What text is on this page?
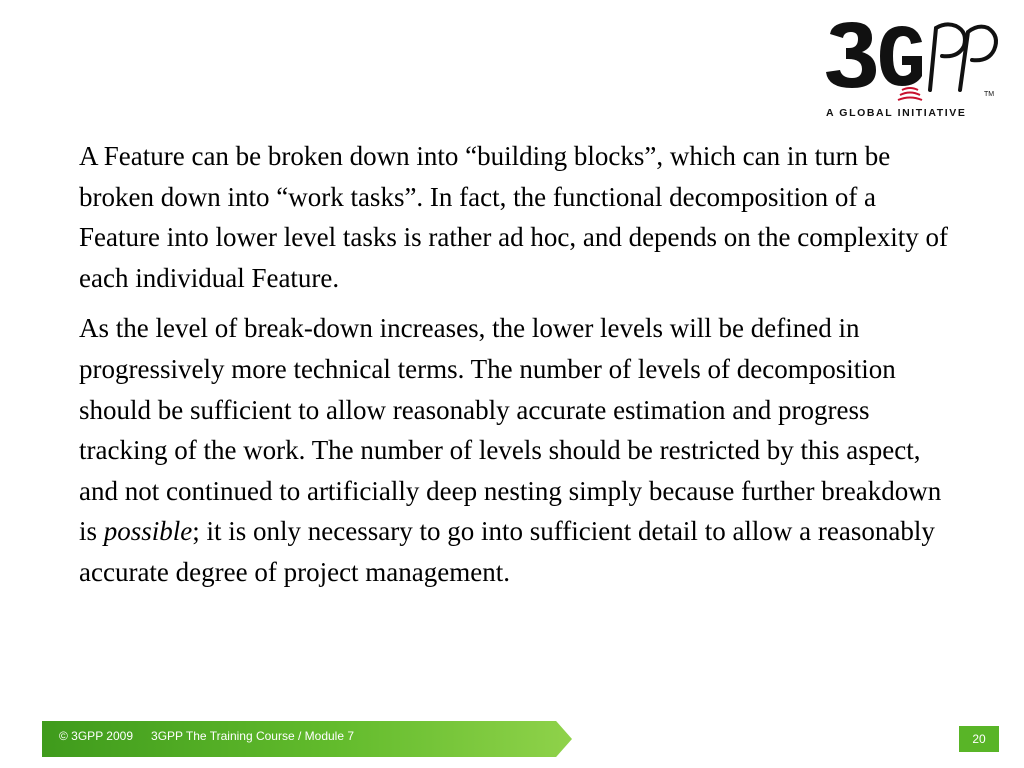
TM
A GLOBAL INITIATIVE

A Feature can be broken down into “building blocks”, which can in turn be broken down into “work tasks”. In fact, the functional decomposition of a Feature into lower level tasks is rather ad hoc, and depends on the complexity of each individual Feature.

As the level of break-down increases, the lower levels will be defined in progressively more technical terms. The number of levels of decomposition should be sufficient to allow reasonably accurate estimation and progress tracking of the work. The number of levels should be restricted by this aspect, and not continued to artificially deep nesting simply because further breakdown is possible; it is only necessary to go into sufficient detail to allow a reasonably accurate degree of project management.

© 3GPP 2009 3GPP The Training Course / Module 7	20
